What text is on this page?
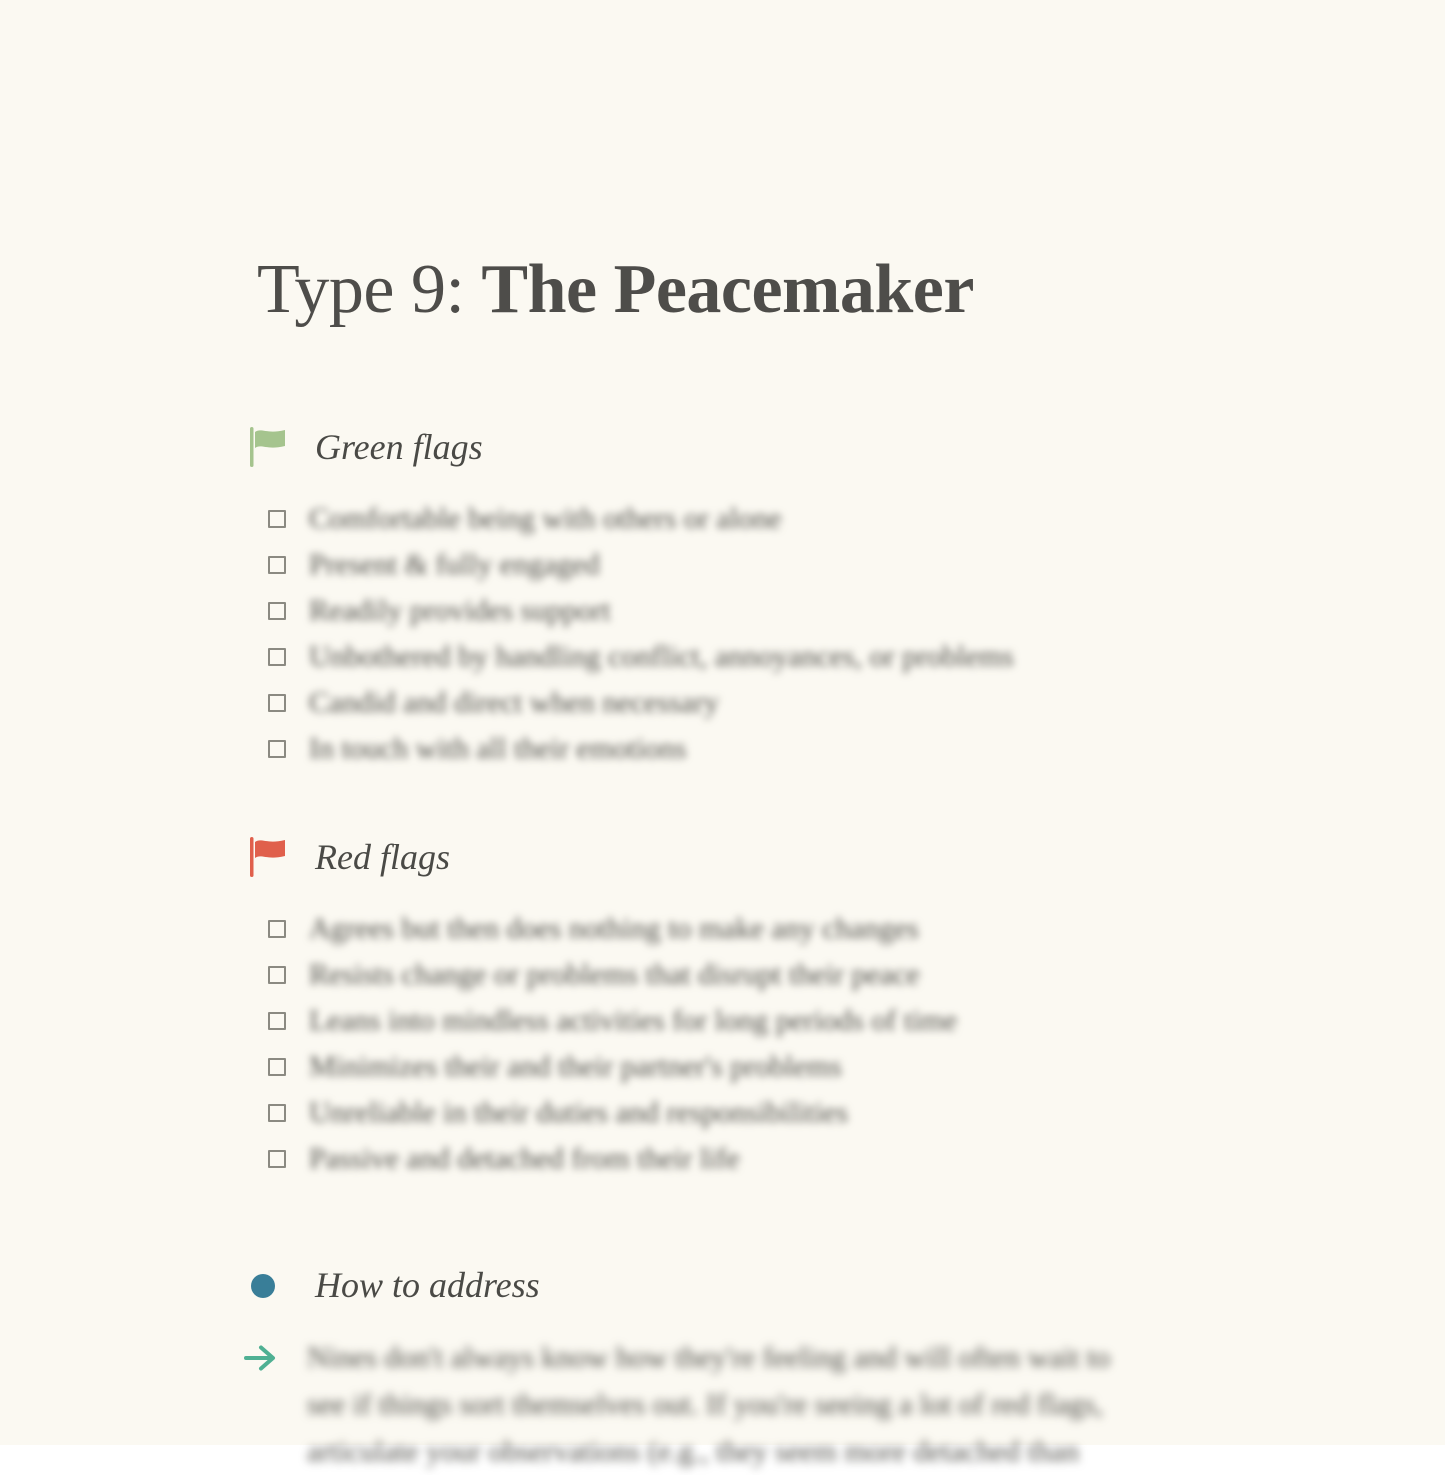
Type 9: The Peacemaker
Green flags
Comfortable being with others or alone
Present & fully engaged
Readily provides support
Unbothered by handling conflict, annoyances, or problems
Candid and direct when necessary
In touch with all their emotions
Red flags
Agrees but then does nothing to make any changes
Resists change or problems that disrupt their peace
Leans into mindless activities for long periods of time
Minimizes their and their partner's problems
Unreliable in their duties and responsibilities
Passive and detached from their life
How to address
Nines don't always know how they're feeling and will often wait to
see if things sort themselves out. If you're seeing a lot of red flags,
articulate your observations (e.g., they seem more detached than
